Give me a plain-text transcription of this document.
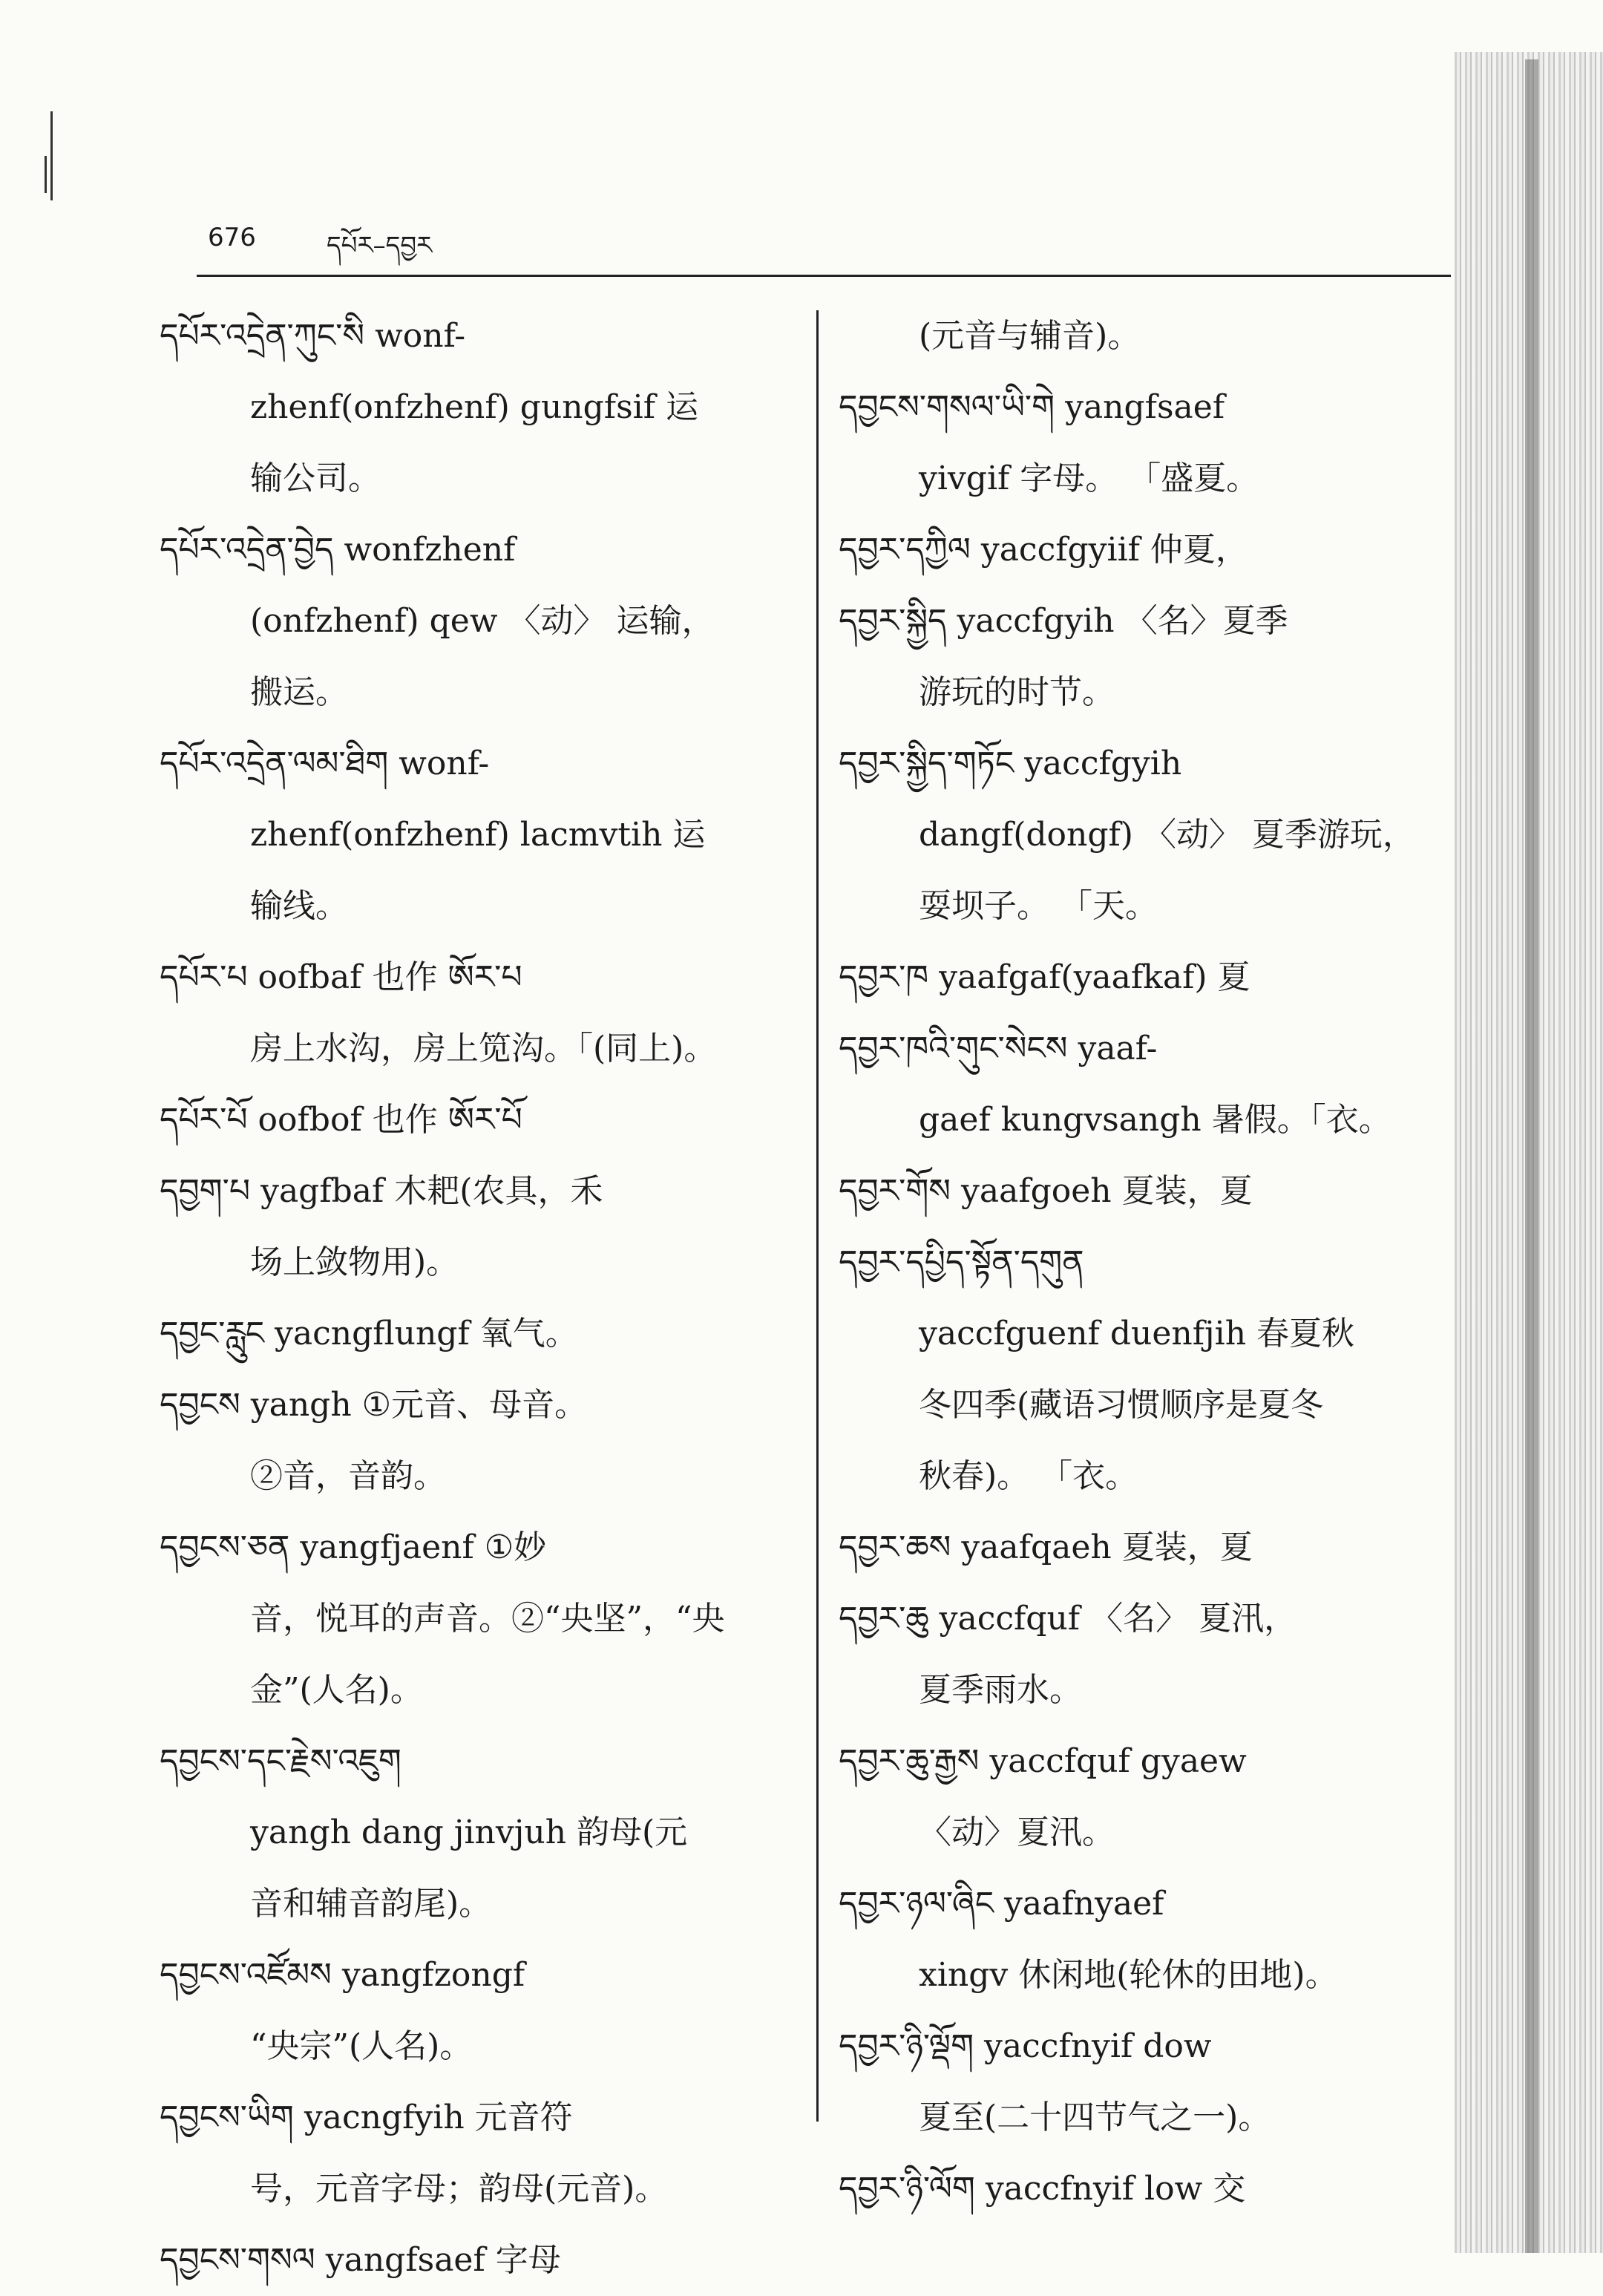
676	དཔོར–དབྱར
དཔོར་འདྲེན་ཀུང་སི wonf-
zhenf(onfzhenf) gungfsif 运
输公司。
དཔོར་འདྲེན་བྱེད wonfzhenf
(onfzhenf) qew 〈动〉 运输，
搬运。
དཔོར་འདྲེན་ལམ་ཐིག wonf-
zhenf(onfzhenf) lacmvtih 运
输线。
དཔོར་པ oofbaf 也作 ཨོར་པ
房上水沟，房上笕沟。「(同上)。
དཔོར་པོ oofbof 也作 ཨོར་པོ
དབྱག་པ yagfbaf 木耙(农具，禾
场上敛物用)。
དབྱང་རླུང yacngflungf 氧气。
དབྱངས yangh ①元音、母音。
②音，音韵。
དབྱངས་ཅན yangfjaenf ①妙
音，悦耳的声音。②“央坚”，“央
金”(人名)。
དབྱངས་དང་རྗེས་འཇུག
yangh dang jinvjuh 韵母(元
音和辅音韵尾)。
དབྱངས་འཛོམས yangfzongf
“央宗”(人名)。
དབྱངས་ཡིག yacngfyih 元音符
号，元音字母；韵母(元音)。
དབྱངས་གསལ yangfsaef 字母
(元音与辅音)。
དབྱངས་གསལ་ཡི་གེ yangfsaef
yivgif 字母。 「盛夏。
དབྱར་དཀྱིལ yaccfgyiif 仲夏，
དབྱར་སྐྱིད yaccfgyih 〈名〉夏季
游玩的时节。
དབྱར་སྐྱིད་གཏོང yaccfgyih
dangf(dongf) 〈动〉 夏季游玩，
耍坝子。 「天。
དབྱར་ཁ yaafgaf(yaafkaf) 夏
དབྱར་ཁའི་གུང་སེངས yaaf-
gaef kungvsangh 暑假。「衣。
དབྱར་གོས yaafgoeh 夏装，夏
དབྱར་དཔྱིད་སྟོན་དགུན
yaccfguenf duenfjih 春夏秋
冬四季(藏语习惯顺序是夏冬
秋春)。 「衣。
དབྱར་ཆས yaafqaeh 夏装，夏
དབྱར་ཆུ yaccfquf 〈名〉 夏汛，
夏季雨水。
དབྱར་ཆུ་རྒྱས yaccfquf gyaew
〈动〉夏汛。
དབྱར་ཉལ་ཞིང yaafnyaef
xingv 休闲地(轮休的田地)。
དབྱར་ཉི་ལྡོག yaccfnyif dow
夏至(二十四节气之一)。
དབྱར་ཉི་ལོག yaccfnyif low 交
